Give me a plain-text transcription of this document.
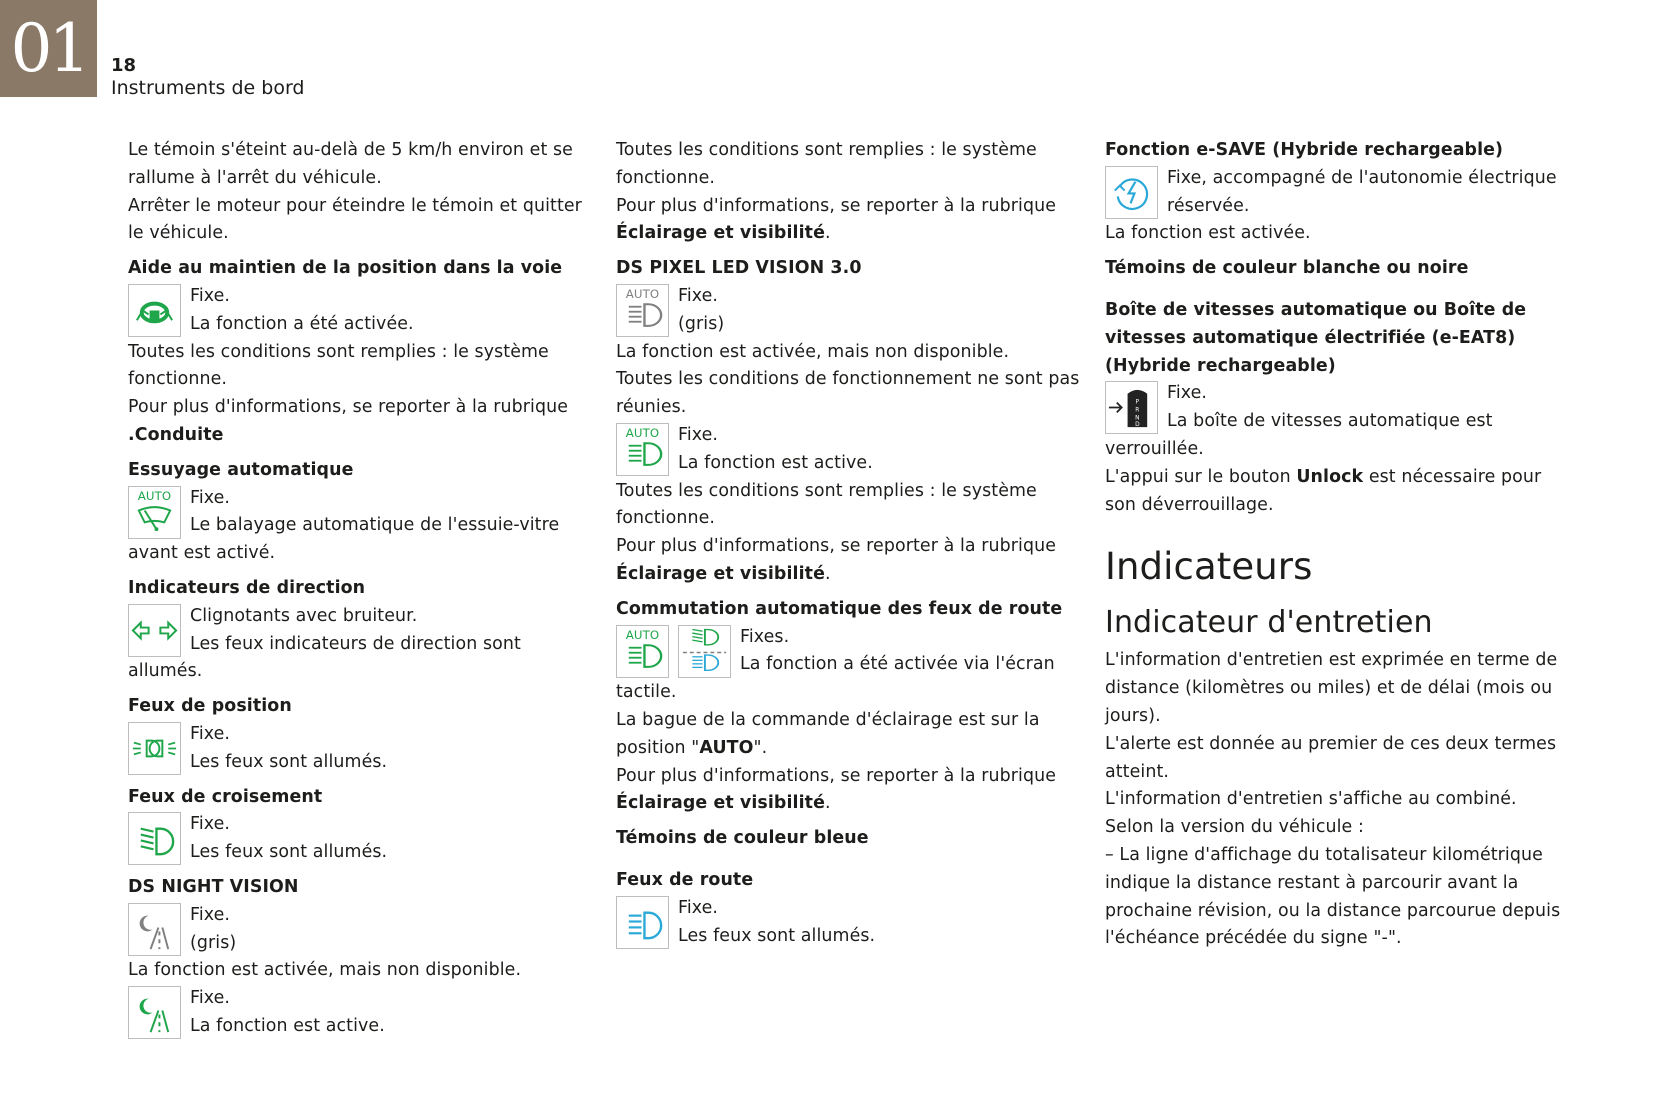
01	18
Instruments de bord
Le témoin s'éteint au-delà de 5 km/h environ et se rallume à l'arrêt du véhicule.
Arrêter le moteur pour éteindre le témoin et quitter le véhicule.
Aide au maintien de la position dans la voie
Fixe.
La fonction a été activée.
Toutes les conditions sont remplies : le système fonctionne.
Pour plus d'informations, se reporter à la rubrique .Conduite
Essuyage automatique
AUTO	Fixe.
Le balayage automatique de l'essuie-vitre avant est activé.
Indicateurs de direction
Clignotants avec bruiteur.
Les feux indicateurs de direction sont allumés.
Feux de position
Fixe.
Les feux sont allumés.
Feux de croisement
Fixe.
Les feux sont allumés.
DS NIGHT VISION
Fixe.
(gris)
La fonction est activée, mais non disponible.
Fixe.
La fonction est active.
Toutes les conditions sont remplies : le système fonctionne.
Pour plus d'informations, se reporter à la rubrique Éclairage et visibilité.
DS PIXEL LED VISION 3.0
AUTO	Fixe.
(gris)
La fonction est activée, mais non disponible.
Toutes les conditions de fonctionnement ne sont pas réunies.
AUTO	Fixe.
La fonction est active.
Toutes les conditions sont remplies : le système fonctionne.
Pour plus d'informations, se reporter à la rubrique Éclairage et visibilité.
Commutation automatique des feux de route
AUTO	Fixes.
La fonction a été activée via l'écran tactile.
La bague de la commande d'éclairage est sur la position "AUTO".
Pour plus d'informations, se reporter à la rubrique Éclairage et visibilité.
Témoins de couleur bleue
Feux de route
Fixe.
Les feux sont allumés.
Fonction e-SAVE (Hybride rechargeable)
Fixe, accompagné de l'autonomie électrique réservée.
La fonction est activée.
Témoins de couleur blanche ou noire
Boîte de vitesses automatique ou Boîte de vitesses automatique électrifiée (e-EAT8) (Hybride rechargeable)
P
R
N
D
Fixe.
La boîte de vitesses automatique est verrouillée.
L'appui sur le bouton Unlock est nécessaire pour son déverrouillage.
Indicateurs
Indicateur d'entretien
L'information d'entretien est exprimée en terme de distance (kilomètres ou miles) et de délai (mois ou jours).
L'alerte est donnée au premier de ces deux termes atteint.
L'information d'entretien s'affiche au combiné.
Selon la version du véhicule :
– La ligne d'affichage du totalisateur kilométrique indique la distance restant à parcourir avant la prochaine révision, ou la distance parcourue depuis l'échéance précédée du signe "-".
